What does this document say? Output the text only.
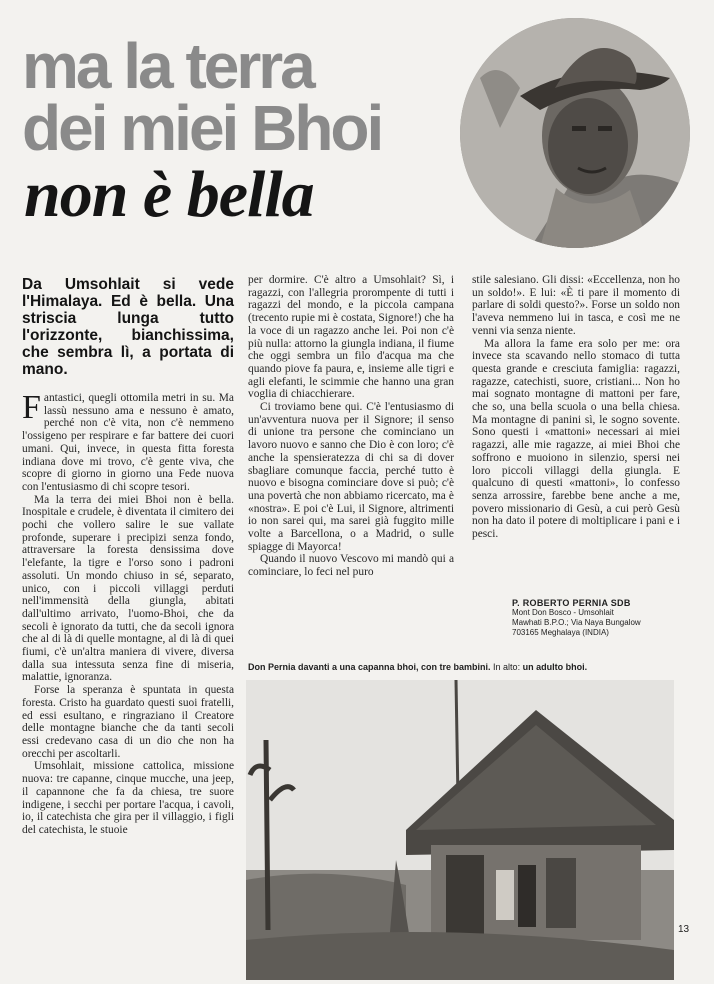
ma la terra
dei miei Bhoi
non è bella
Da Umsohlait si vede l'Himalaya. Ed è bella. Una striscia lunga tutto l'orizzonte, bianchissima, che sembra lì, a portata di mano.

Fantastici, quegli ottomila metri in su. Ma lassù nessuno ama e nessuno è amato, perché non c'è vita, non c'è nemmeno l'ossigeno per respirare e far battere dei cuori umani. Qui, invece, in questa fitta foresta indiana dove mi trovo, c'è gente viva, che scopre di giorno in giorno una Fede nuova con l'entusiasmo di chi scopre tesori.

Ma la terra dei miei Bhoi non è bella. Inospitale e crudele, è diventata il cimitero dei pochi che vollero salire le sue vallate profonde, superare i precipizi senza fondo, attraversare la foresta densissima dove l'elefante, la tigre e l'orso sono i padroni assoluti. Un mondo chiuso in sé, separato, unico, con i piccoli villaggi perduti nell'immensità della giungla, abitati dall'ultimo arrivato, l'uomo-Bhoi, che da secoli è ignorato da tutti, che da secoli ignora che al di là di quelle montagne, al di là di quei fiumi, c'è un'altra maniera di vivere, diversa dalla sua intessuta senza fine di miseria, malattie, ignoranza.

Forse la speranza è spuntata in questa foresta. Cristo ha guardato questi suoi fratelli, ed essi esultano, e ringraziano il Creatore delle montagne bianche che da tanti secoli essi credevano casa di un dio che non ha orecchi per ascoltarli.

Umsohlait, missione cattolica, missione nuova: tre capanne, cinque mucche, una jeep, il capannone che fa da chiesa, tre suore indigene, i secchi per portare l'acqua, i cavoli, io, il catechista che gira per il villaggio, i figli del catechista, le stuoie

per dormire. C'è altro a Umsohlait? Sì, i ragazzi, con l'allegria prorompente di tutti i ragazzi del mondo, e la piccola campana (trecento rupie mi è costata, Signore!) che ha la voce di un ragazzo anche lei. Poi non c'è più nulla: attorno la giungla indiana, il fiume che oggi sembra un filo d'acqua ma che quando piove fa paura, e, insieme alle tigri e agli elefanti, le scimmie che hanno una gran voglia di chiacchierare.

Ci troviamo bene qui. C'è l'entusiasmo di un'avventura nuova per il Signore; il senso di unione tra persone che cominciano un lavoro nuovo e sanno che Dio è con loro; c'è anche la spensieratezza di chi sa di dover sbagliare comunque faccia, perché tutto è nuovo e bisogna cominciare dove si può; c'è una povertà che non abbiamo ricercato, ma è «nostra». E poi c'è Lui, il Signore, altrimenti io non sarei qui, ma sarei già fuggito mille volte a Barcellona, o a Madrid, o sulle spiagge di Mayorca!

Quando il nuovo Vescovo mi mandò qui a cominciare, lo feci nel puro

stile salesiano. Gli dissi: «Eccellenza, non ho un soldo!». E lui: «È ti pare il momento di parlare di soldi questo?». Forse un soldo non l'aveva nemmeno lui in tasca, e così me ne venni via senza niente.

Ma allora la fame era solo per me: ora invece sta scavando nello stomaco di tutta questa grande e cresciuta famiglia: ragazzi, ragazze, catechisti, suore, cristiani... Non ho mai sognato montagne di mattoni per fare, che so, una bella scuola o una bella chiesa. Ma montagne di panini sì, le sogno sovente. Sono questi i «mattoni» necessari ai miei ragazzi, alle mie ragazze, ai miei Bhoi che soffrono e muoiono in silenzio, spersi nei loro piccoli villaggi della giungla. E qualcuno di questi «mattoni», lo confesso senza arrossire, farebbe bene anche a me, povero missionario di Gesù, a cui però Gesù non ha dato il potere di moltiplicare i pani e i pesci.

P. ROBERTO PERNIA SDB
Mont Don Bosco - Umsohlait
Mawhati B.P.O.; Via Naya Bungalow
703165 Meghalaya (INDIA)
Don Pernia davanti a una capanna bhoi, con tre bambini. In alto: un adulto bhoi.
13
